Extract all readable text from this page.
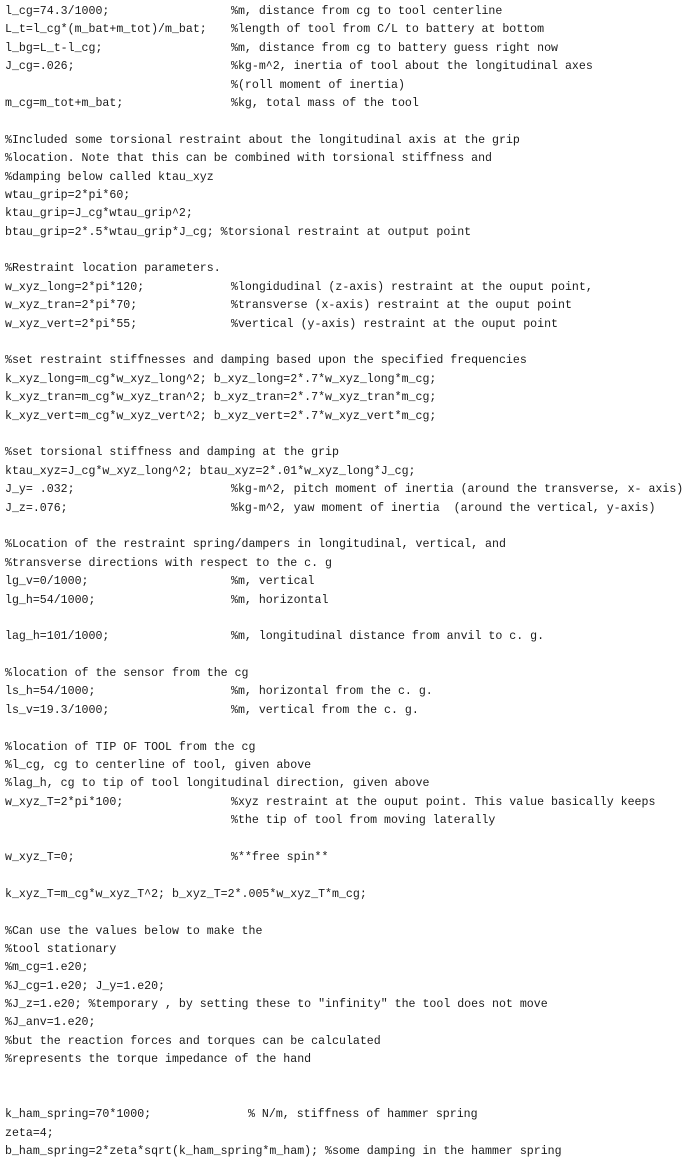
l_cg=74.3/1000;	%m, distance from cg to tool centerline
L_t=l_cg*(m_bat+m_tot)/m_bat; %length of tool from C/L to battery at bottom
l_bg=L_t-l_cg;	%m, distance from cg to battery guess right now
J_cg=.026;	%kg-m^2, inertia of tool about the longitudinal axes
%(roll moment of inertia)
m_cg=m_tot+m_bat;	%kg, total mass of the tool
%Included some torsional restraint about the longitudinal axis at the grip
%location. Note that this can be combined with torsional stiffness and
%damping below called ktau_xyz
wtau_grip=2*pi*60;
ktau_grip=J_cg*wtau_grip^2;
btau_grip=2*.5*wtau_grip*J_cg; %torsional restraint at output point
%Restraint location parameters.
w_xyz_long=2*pi*120;	%longidudinal (z-axis) restraint at the ouput point,
w_xyz_tran=2*pi*70;	%transverse (x-axis) restraint at the ouput point
w_xyz_vert=2*pi*55;	%vertical (y-axis) restraint at the ouput point
%set restraint stiffnesses and damping based upon the specified frequencies
k_xyz_long=m_cg*w_xyz_long^2; b_xyz_long=2*.7*w_xyz_long*m_cg;
k_xyz_tran=m_cg*w_xyz_tran^2; b_xyz_tran=2*.7*w_xyz_tran*m_cg;
k_xyz_vert=m_cg*w_xyz_vert^2; b_xyz_vert=2*.7*w_xyz_vert*m_cg;
%set torsional stiffness and damping at the grip
ktau_xyz=J_cg*w_xyz_long^2; btau_xyz=2*.01*w_xyz_long*J_cg;
J_y= .032;	%kg-m^2, pitch moment of inertia (around the transverse, x- axis)
J_z=.076;	%kg-m^2, yaw moment of inertia  (around the vertical, y-axis)
%Location of the restraint spring/dampers in longitudinal, vertical, and
%transverse directions with respect to the c. g
lg_v=0/1000;	%m, vertical
lg_h=54/1000;	%m, horizontal
lag_h=101/1000;	%m, longitudinal distance from anvil to c. g.
%location of the sensor from the cg
ls_h=54/1000;	%m, horizontal from the c. g.
ls_v=19.3/1000;	%m, vertical from the c. g.
%location of TIP OF TOOL from the cg
%l_cg, cg to centerline of tool, given above
%lag_h, cg to tip of tool longitudinal direction, given above
w_xyz_T=2*pi*100;	%xyz restraint at the ouput point. This value basically keeps
%the tip of tool from moving laterally
w_xyz_T=0;	%**free spin**
k_xyz_T=m_cg*w_xyz_T^2; b_xyz_T=2*.005*w_xyz_T*m_cg;
%Can use the values below to make the
%tool stationary
%m_cg=1.e20;
%J_cg=1.e20; J_y=1.e20;
%J_z=1.e20; %temporary , by setting these to "infinity" the tool does not move
%J_anv=1.e20;
%but the reaction forces and torques can be calculated
%represents the torque impedance of the hand
k_ham_spring=70*1000;	% N/m, stiffness of hammer spring
zeta=4;
b_ham_spring=2*zeta*sqrt(k_ham_spring*m_ham); %some damping in the hammer spring
